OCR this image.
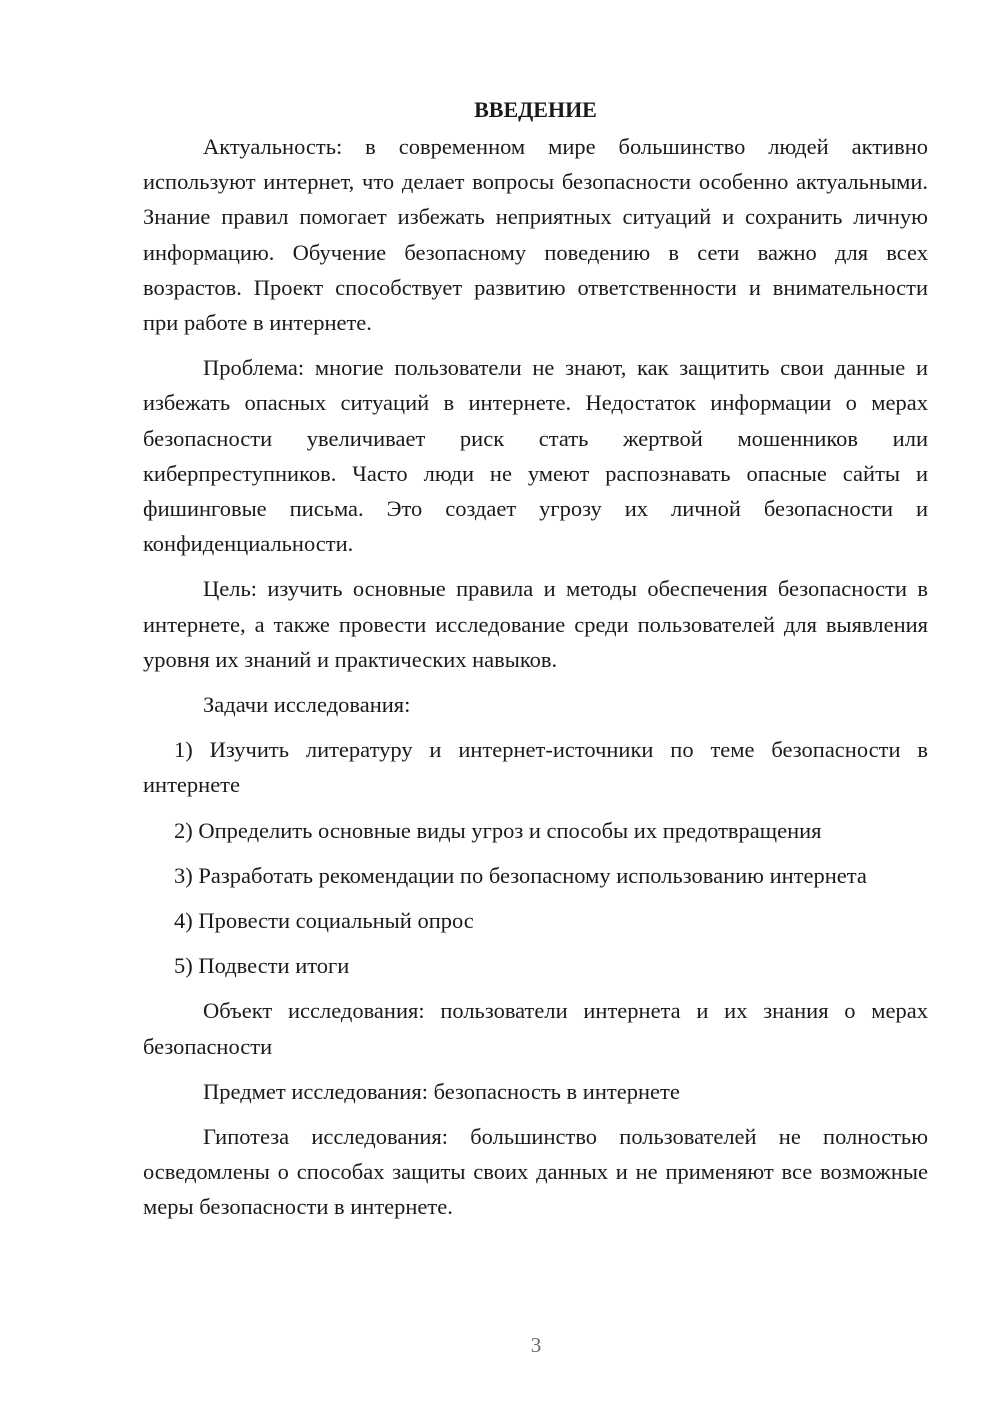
ВВЕДЕНИЕ

Актуальность: в современном мире большинство людей активно используют интернет, что делает вопросы безопасности особенно актуальными. Знание правил помогает избежать неприятных ситуаций и сохранить личную информацию. Обучение безопасному поведению в сети важно для всех возрастов. Проект способствует развитию ответственности и внимательности при работе в интернете.

Проблема: многие пользователи не знают, как защитить свои данные и избежать опасных ситуаций в интернете. Недостаток информации о мерах безопасности увеличивает риск стать жертвой мошенников или киберпреступников. Часто люди не умеют распознавать опасные сайты и фишинговые письма. Это создает угрозу их личной безопасности и конфиденциальности.

Цель: изучить основные правила и методы обеспечения безопасности в интернете, а также провести исследование среди пользователей для выявления уровня их знаний и практических навыков.

Задачи исследования:

1) Изучить литературу и интернет-источники по теме безопасности в интернете

2) Определить основные виды угроз и способы их предотвращения

3) Разработать рекомендации по безопасному использованию интернета

4) Провести социальный опрос

5) Подвести итоги

Объект исследования: пользователи интернета и их знания о мерах безопасности

Предмет исследования: безопасность в интернете

Гипотеза исследования: большинство пользователей не полностью осведомлены о способах защиты своих данных и не применяют все возможные меры безопасности в интернете.

3
